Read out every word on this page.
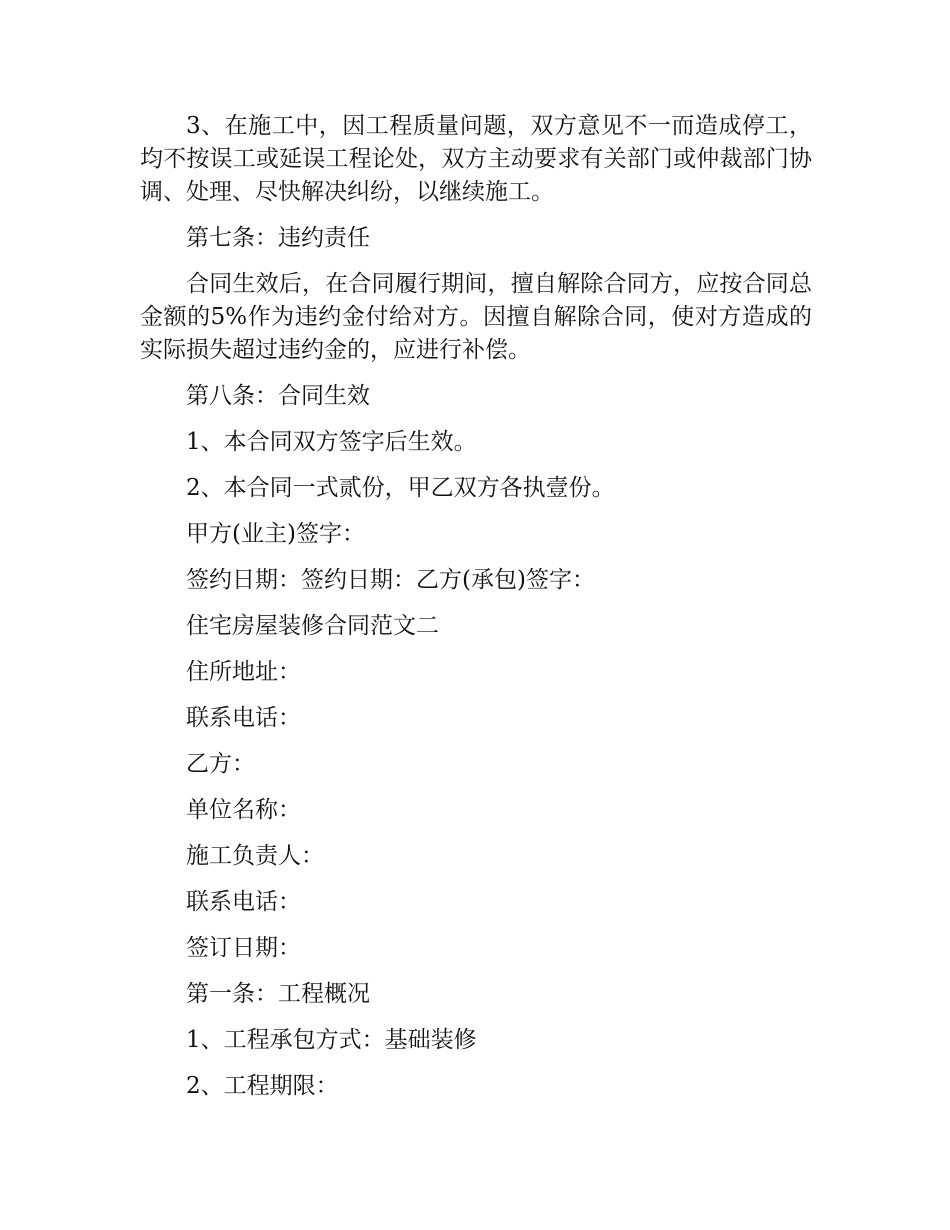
3、在施工中，因工程质量问题，双方意见不一而造成停工，均不按误工或延误工程论处，双方主动要求有关部门或仲裁部门协调、处理、尽快解决纠纷，以继续施工。

第七条：违约责任

合同生效后，在合同履行期间，擅自解除合同方，应按合同总金额的5%作为违约金付给对方。因擅自解除合同，使对方造成的实际损失超过违约金的，应进行补偿。

第八条：合同生效

1、本合同双方签字后生效。

2、本合同一式贰份，甲乙双方各执壹份。

甲方(业主)签字：

签约日期：签约日期：乙方(承包)签字：

住宅房屋装修合同范文二

住所地址：

联系电话：

乙方：

单位名称：

施工负责人：

联系电话：

签订日期：

第一条：工程概况

1、工程承包方式：基础装修

2、工程期限：
